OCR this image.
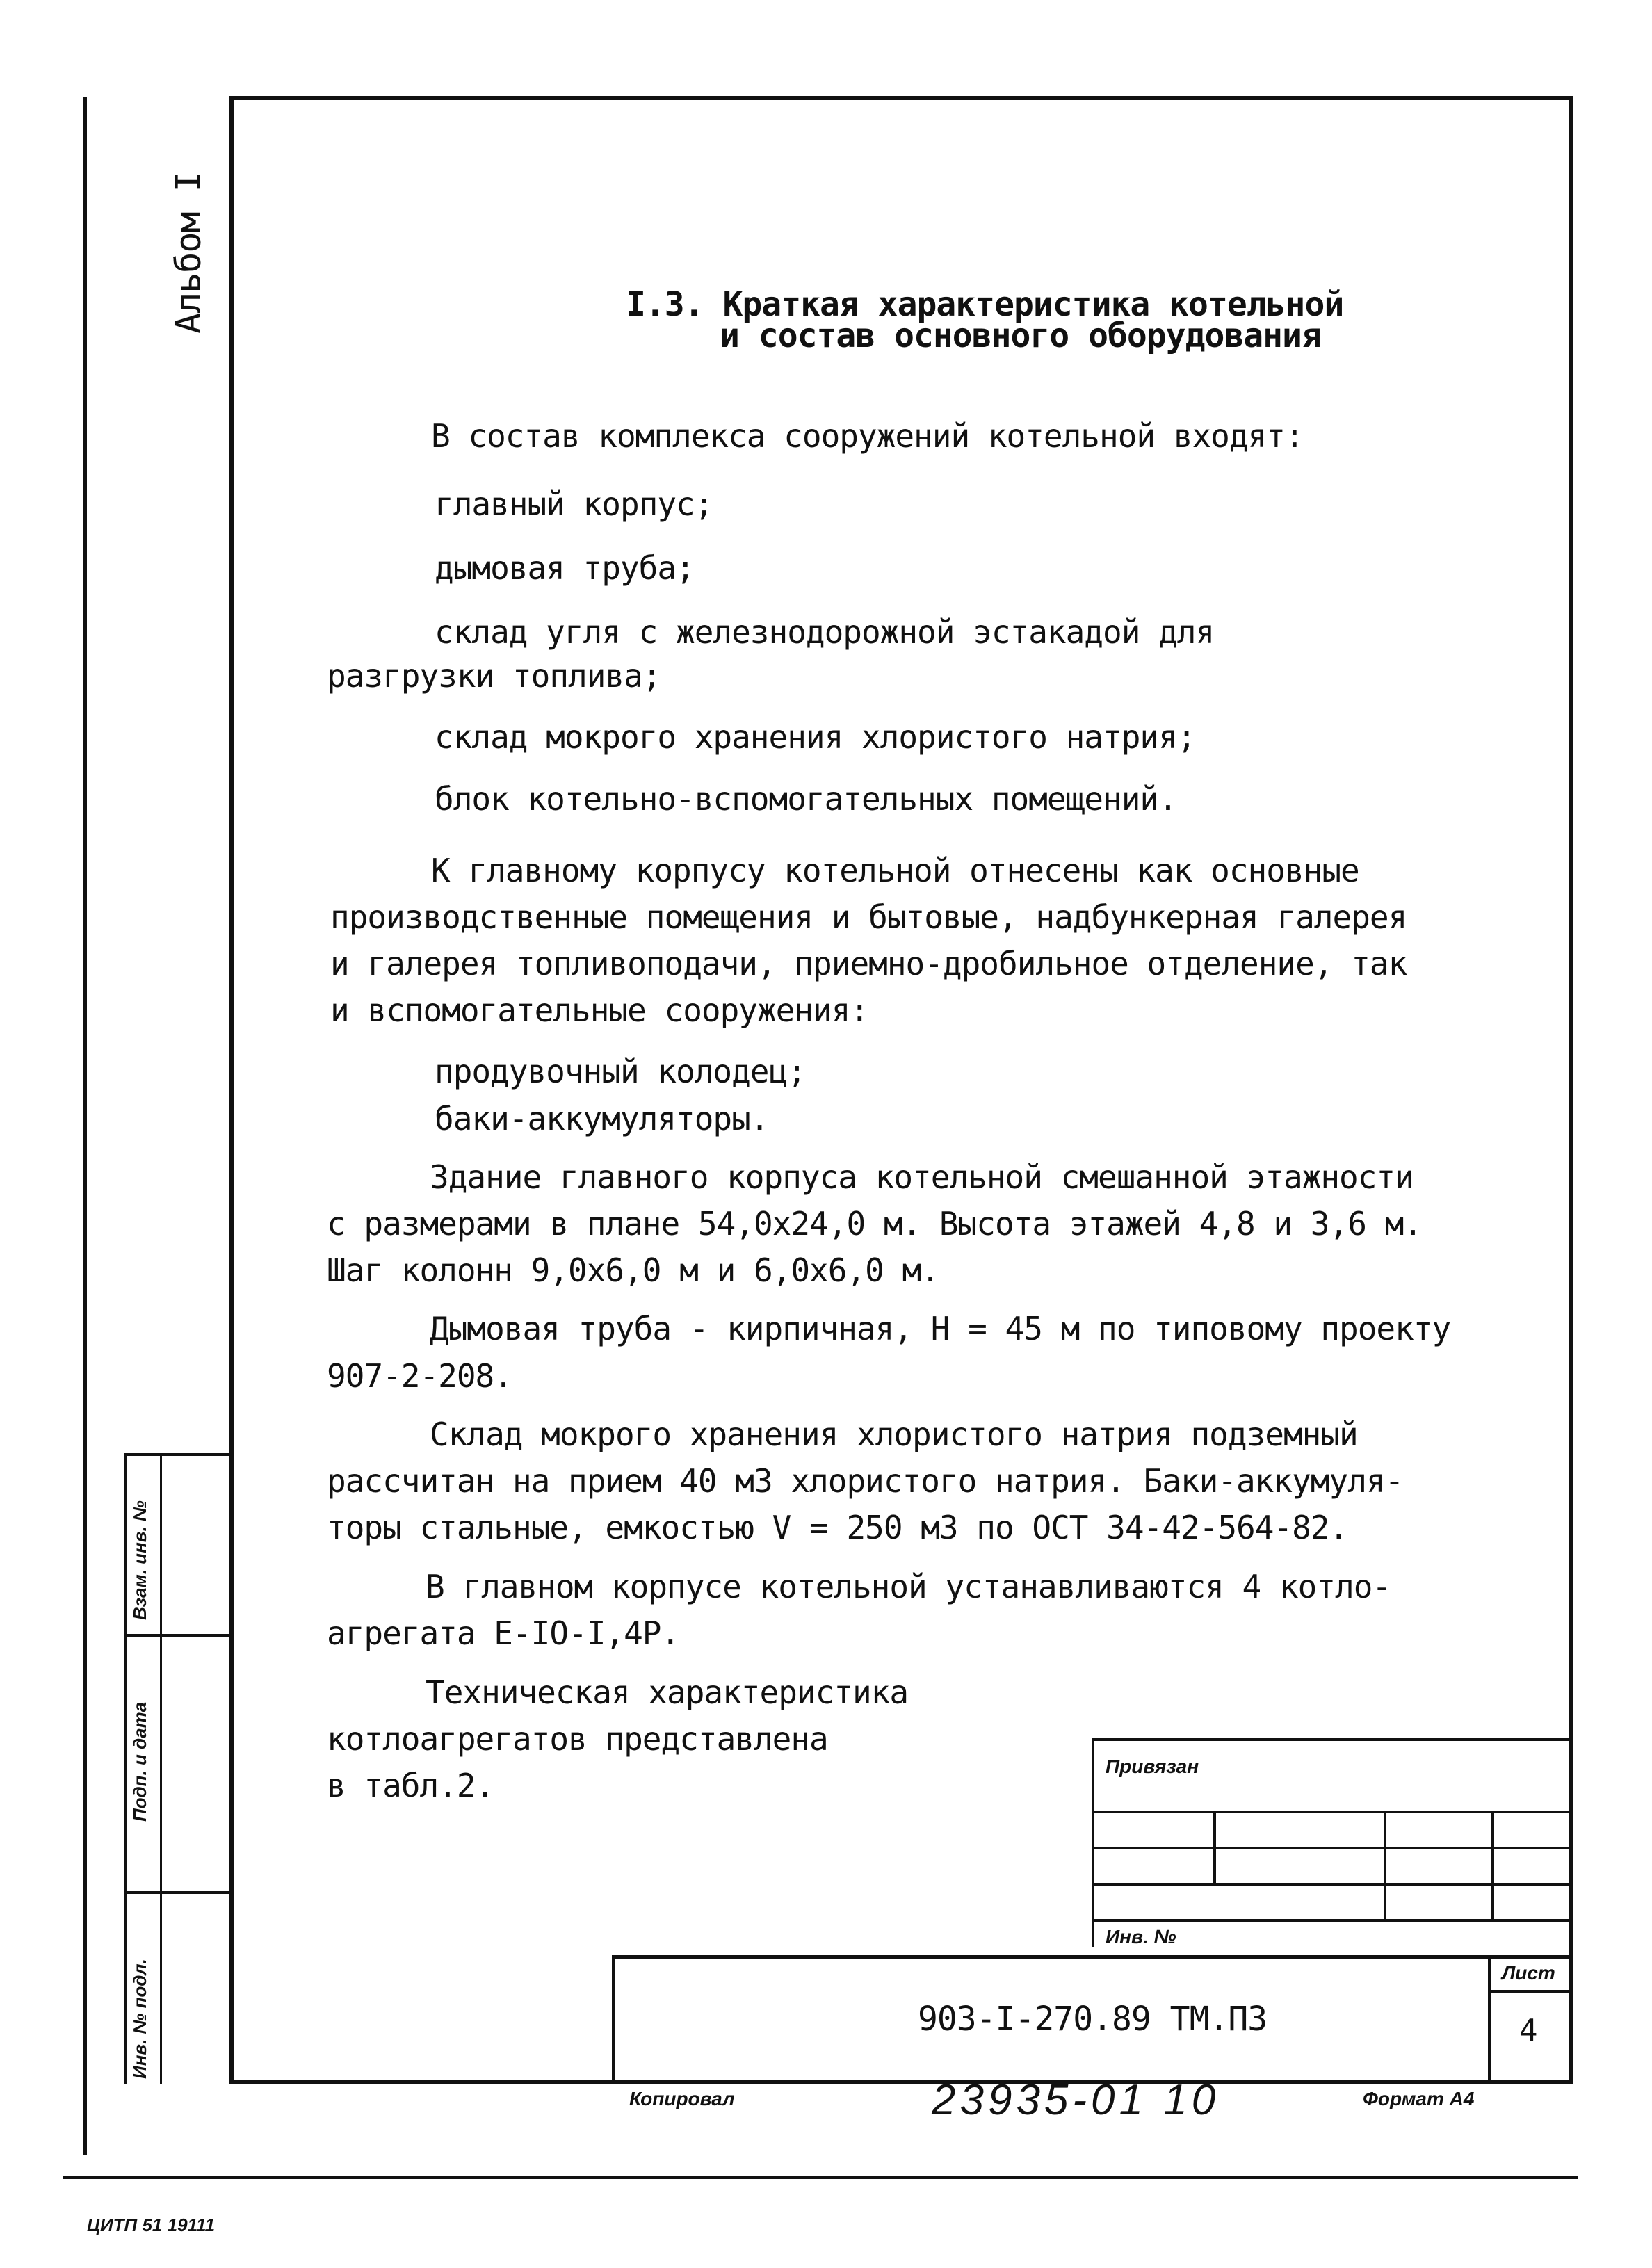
Альбом I
Взам. инв. №
Подп. и дата
Инв. № подл.
I.3. Краткая характеристика котельной
и состав основного оборудования
В состав комплекса сооружений котельной входят:
главный корпус;
дымовая труба;
склад угля с железнодорожной эстакадой для
разгрузки топлива;
склад мокрого хранения хлористого натрия;
блок котельно-вспомогательных помещений.
К главному корпусу котельной отнесены как основные
производственные помещения и бытовые, надбункерная галерея
и галерея топливоподачи, приемно-дробильное отделение, так
и вспомогательные сооружения:
продувочный колодец;
баки-аккумуляторы.
Здание главного корпуса котельной смешанной этажности
с размерами в плане 54,0х24,0 м. Высота этажей 4,8 и 3,6 м.
Шаг колонн 9,0х6,0 м и 6,0х6,0 м.
Дымовая труба - кирпичная, Н = 45 м по типовому проекту
907-2-208.
Склад мокрого хранения хлористого натрия подземный
рассчитан на прием 40 м3 хлористого натрия. Баки-аккумуля-
торы стальные, емкостью V = 250 м3 по ОСТ 34-42-564-82.
В главном корпусе котельной устанавливаются 4 котло-
агрегата Е-IO-I,4Р.
Техническая характеристика
котлоагрегатов представлена
в табл.2.
Привязан
Инв. №
903-I-270.89 ТМ.ПЗ
Лист
4
Копировал	23935-01 10	Формат А4
ЦИТП 51 19111
